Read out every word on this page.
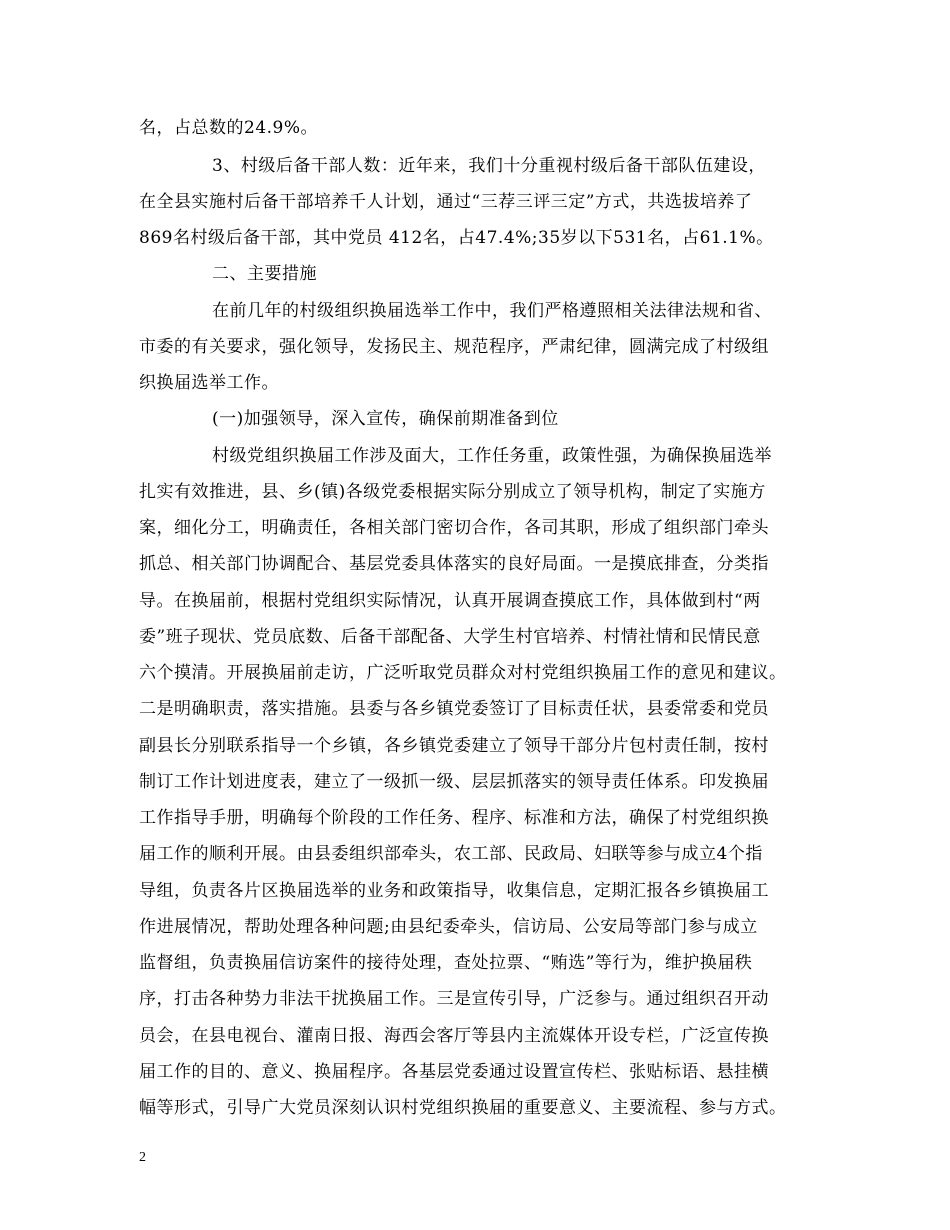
名，占总数的24.9%。
3、村级后备干部人数：近年来，我们十分重视村级后备干部队伍建设，
在全县实施村后备干部培养千人计划，通过“三荐三评三定”方式，共选拔培养了
869名村级后备干部，其中党员 412名，占47.4%;35岁以下531名，占61.1%。
二、主要措施
在前几年的村级组织换届选举工作中，我们严格遵照相关法律法规和省、
市委的有关要求，强化领导，发扬民主、规范程序，严肃纪律，圆满完成了村级组
织换届选举工作。
(一)加强领导，深入宣传，确保前期准备到位
村级党组织换届工作涉及面大，工作任务重，政策性强，为确保换届选举
扎实有效推进，县、乡(镇)各级党委根据实际分别成立了领导机构，制定了实施方
案，细化分工，明确责任，各相关部门密切合作，各司其职，形成了组织部门牵头
抓总、相关部门协调配合、基层党委具体落实的良好局面。一是摸底排查，分类指
导。在换届前，根据村党组织实际情况，认真开展调查摸底工作，具体做到村“两
委”班子现状、党员底数、后备干部配备、大学生村官培养、村情社情和民情民意
六个摸清。开展换届前走访，广泛听取党员群众对村党组织换届工作的意见和建议。
二是明确职责，落实措施。县委与各乡镇党委签订了目标责任状，县委常委和党员
副县长分别联系指导一个乡镇，各乡镇党委建立了领导干部分片包村责任制，按村
制订工作计划进度表，建立了一级抓一级、层层抓落实的领导责任体系。印发换届
工作指导手册，明确每个阶段的工作任务、程序、标准和方法，确保了村党组织换
届工作的顺利开展。由县委组织部牵头，农工部、民政局、妇联等参与成立4个指
导组，负责各片区换届选举的业务和政策指导，收集信息，定期汇报各乡镇换届工
作进展情况，帮助处理各种问题;由县纪委牵头，信访局、公安局等部门参与成立
监督组，负责换届信访案件的接待处理，查处拉票、“贿选”等行为，维护换届秩
序，打击各种势力非法干扰换届工作。三是宣传引导，广泛参与。通过组织召开动
员会，在县电视台、灌南日报、海西会客厅等县内主流媒体开设专栏，广泛宣传换
届工作的目的、意义、换届程序。各基层党委通过设置宣传栏、张贴标语、悬挂横
幅等形式，引导广大党员深刻认识村党组织换届的重要意义、主要流程、参与方式。
2
